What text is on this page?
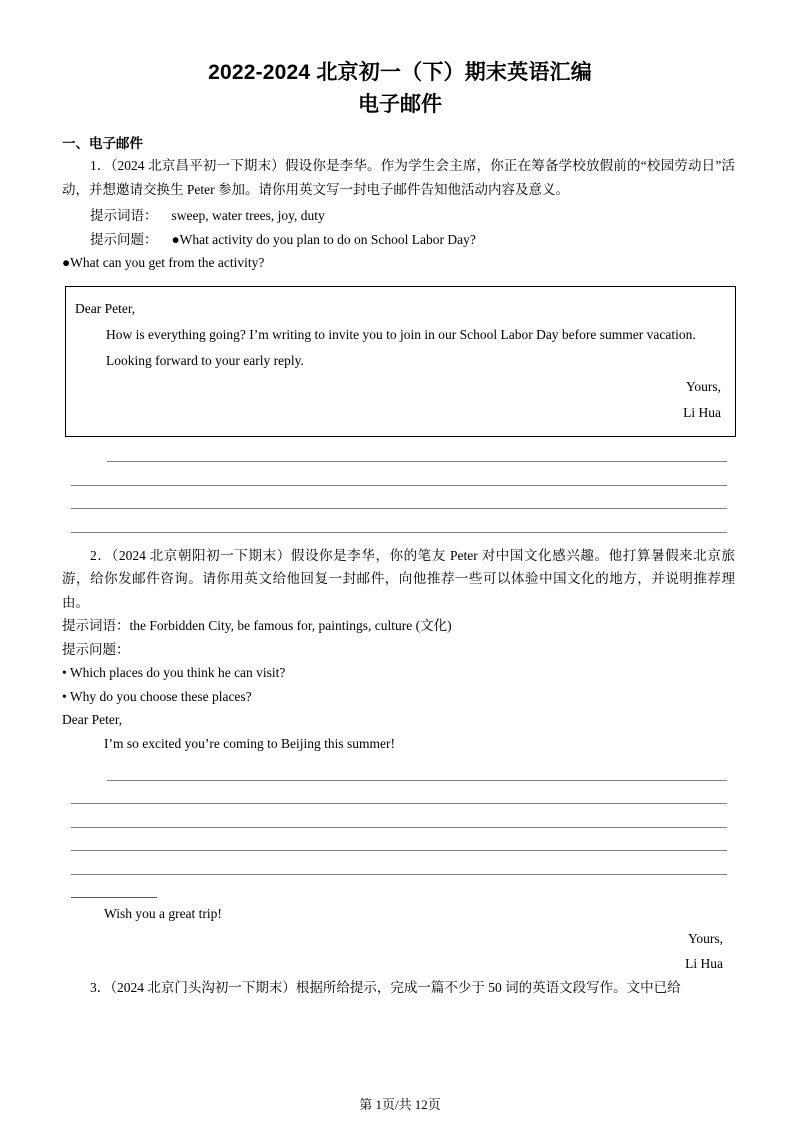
2022-2024 北京初一（下）期末英语汇编
电子邮件
一、电子邮件

1．（2024 北京昌平初一下期末）假设你是李华。作为学生会主席，你正在筹备学校放假前的“校园劳动日”活动，并想邀请交换生 Peter 参加。请你用英文写一封电子邮件告知他活动内容及意义。

提示词语： sweep, water trees, joy, duty

提示问题： ●What activity do you plan to do on School Labor Day?

●What can you get from the activity?

Dear Peter,

How is everything going? I’m writing to invite you to join in our School Labor Day before summer vacation.

Looking forward to your early reply.

Yours,

Li Hua

2．（2024 北京朝阳初一下期末）假设你是李华，你的笔友 Peter 对中国文化感兴趣。他打算暑假来北京旅游，给你发邮件咨询。请你用英文给他回复一封邮件，向他推荐一些可以体验中国文化的地方，并说明推荐理由。

提示词语：the Forbidden City, be famous for, paintings, culture (文化)

提示问题：

• Which places do you think he can visit?

• Why do you choose these places?

Dear Peter,

I’m so excited you’re coming to Beijing this summer!

Wish you a great trip!

Yours,

Li Hua

3．（2024 北京门头沟初一下期末）根据所给提示，完成一篇不少于 50 词的英语文段写作。文中已给

第 1页/共 12页
